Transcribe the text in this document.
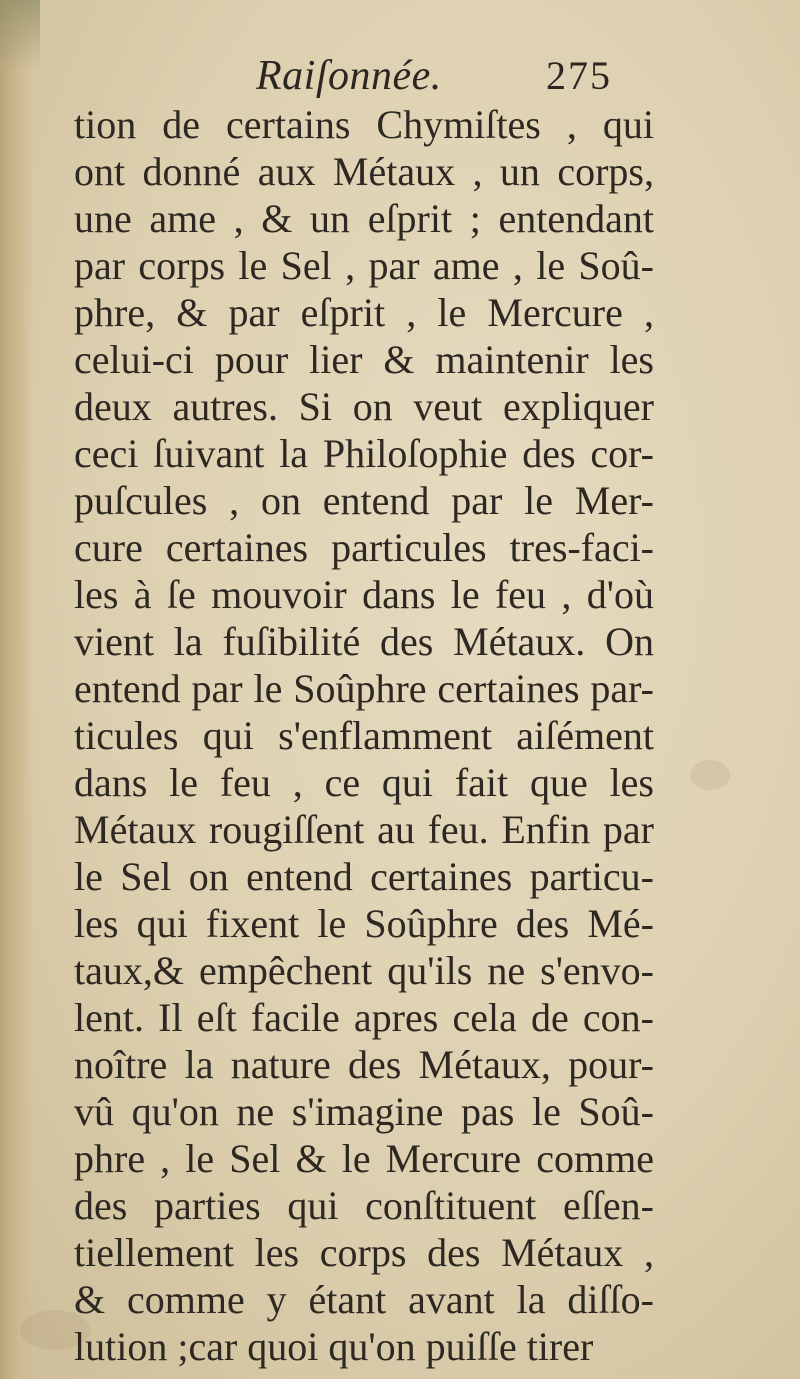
Raiſonnée.	275
tion de certains Chymiſtes , qui
ont donné aux Métaux , un corps,
une ame , & un eſprit ; entendant
par corps le Sel , par ame , le Soû-
phre, & par eſprit , le Mercure ,
celui-ci pour lier & maintenir les
deux autres. Si on veut expliquer
ceci ſuivant la Philoſophie des cor-
puſcules , on entend par le Mer-
cure certaines particules tres-faci-
les à ſe mouvoir dans le feu , d'où
vient la fuſibilité des Métaux. On
entend par le Soûphre certaines par-
ticules qui s'enflamment aiſément
dans le feu , ce qui fait que les
Métaux rougiſſent au feu. Enfin par
le Sel on entend certaines particu-
les qui fixent le Soûphre des Mé-
taux,& empêchent qu'ils ne s'envo-
lent. Il eſt facile apres cela de con-
noître la nature des Métaux, pour-
vû qu'on ne s'imagine pas le Soû-
phre , le Sel & le Mercure comme
des parties qui conſtituent eſſen-
tiellement les corps des Métaux ,
& comme y étant avant la diſſo-
lution ;car quoi qu'on puiſſe tirer
